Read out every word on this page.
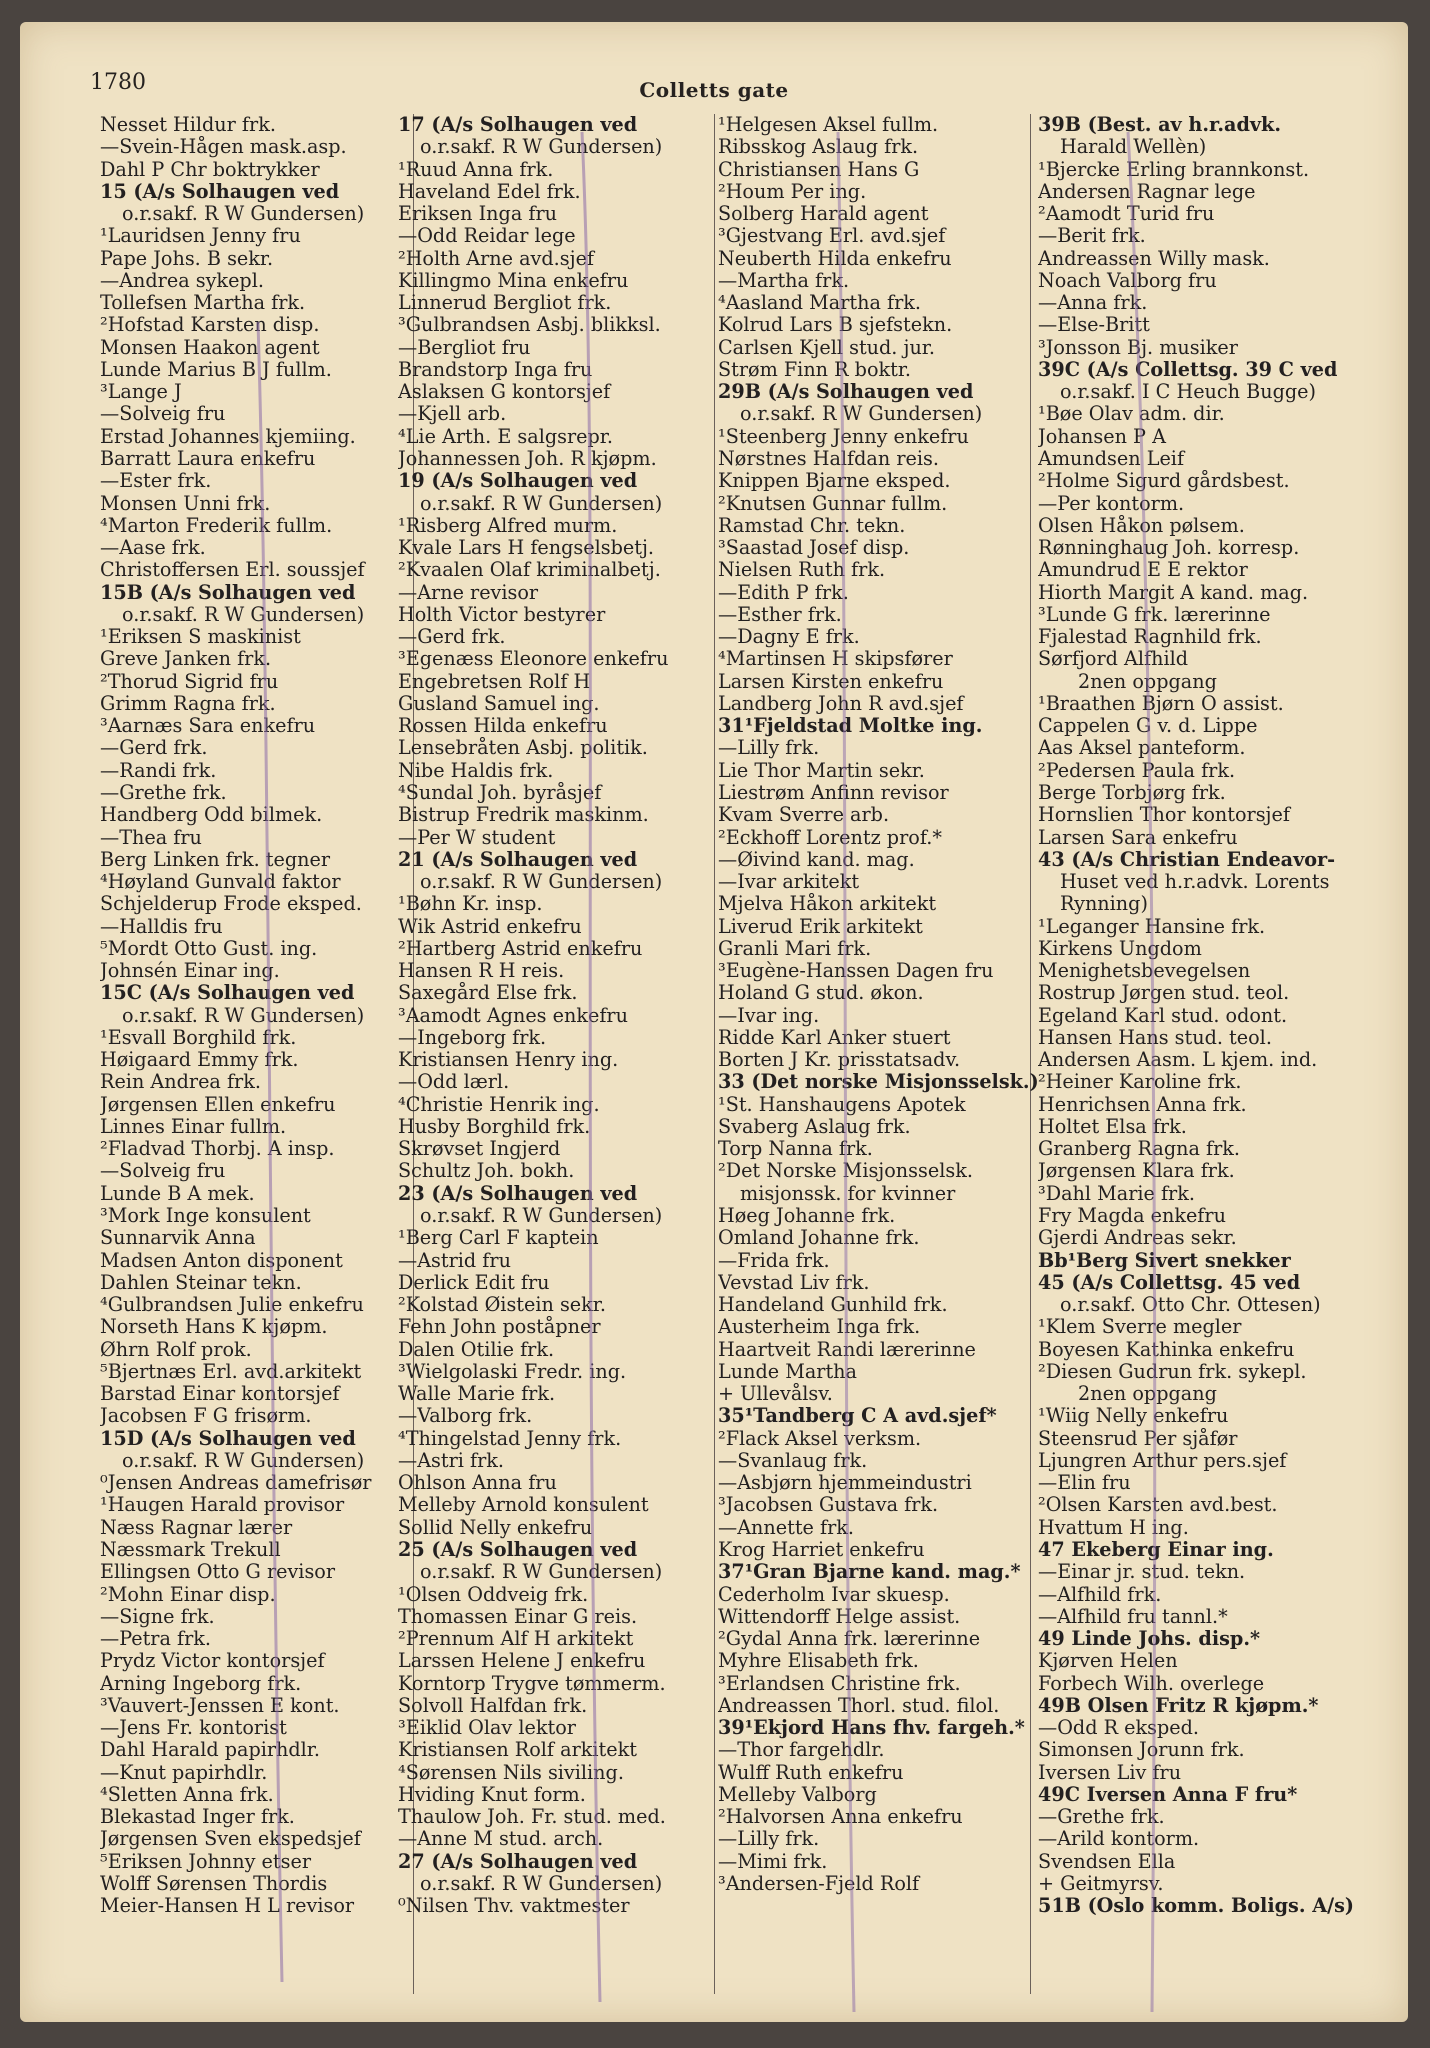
1780	Colletts gate
Nesset Hildur frk.
—Svein-Hågen mask.asp.
Dahl P Chr boktrykker
15 (A/s Solhaugen ved
o.r.sakf. R W Gundersen)
¹Lauridsen Jenny fru
Pape Johs. B sekr.
—Andrea sykepl.
Tollefsen Martha frk.
²Hofstad Karsten disp.
Monsen Haakon agent
Lunde Marius B J fullm.
³Lange J
—Solveig fru
Erstad Johannes kjemiing.
Barratt Laura enkefru
—Ester frk.
Monsen Unni frk.
⁴Marton Frederik fullm.
—Aase frk.
Christoffersen Erl. soussjef
15B (A/s Solhaugen ved
o.r.sakf. R W Gundersen)
¹Eriksen S maskinist
Greve Janken frk.
²Thorud Sigrid fru
Grimm Ragna frk.
³Aarnæs Sara enkefru
—Gerd frk.
—Randi frk.
—Grethe frk.
Handberg Odd bilmek.
—Thea fru
Berg Linken frk. tegner
⁴Høyland Gunvald faktor
Schjelderup Frode eksped.
—Halldis fru
⁵Mordt Otto Gust. ing.
Johnsén Einar ing.
15C (A/s Solhaugen ved
o.r.sakf. R W Gundersen)
¹Esvall Borghild frk.
Høigaard Emmy frk.
Rein Andrea frk.
Jørgensen Ellen enkefru
Linnes Einar fullm.
²Fladvad Thorbj. A insp.
—Solveig fru
Lunde B A mek.
³Mork Inge konsulent
Sunnarvik Anna
Madsen Anton disponent
Dahlen Steinar tekn.
⁴Gulbrandsen Julie enkefru
Norseth Hans K kjøpm.
Øhrn Rolf prok.
⁵Bjertnæs Erl. avd.arkitekt
Barstad Einar kontorsjef
Jacobsen F G frisørm.
15D (A/s Solhaugen ved
o.r.sakf. R W Gundersen)
⁰Jensen Andreas damefrisør
¹Haugen Harald provisor
Næss Ragnar lærer
Næssmark Trekull
Ellingsen Otto G revisor
²Mohn Einar disp.
—Signe frk.
—Petra frk.
Prydz Victor kontorsjef
Arning Ingeborg frk.
³Vauvert-Jenssen E kont.
—Jens Fr. kontorist
Dahl Harald papirhdlr.
—Knut papirhdlr.
⁴Sletten Anna frk.
Blekastad Inger frk.
Jørgensen Sven ekspedsjef
⁵Eriksen Johnny etser
Wolff Sørensen Thordis
Meier-Hansen H L revisor
17 (A/s Solhaugen ved
o.r.sakf. R W Gundersen)
¹Ruud Anna frk.
Haveland Edel frk.
Eriksen Inga fru
—Odd Reidar lege
²Holth Arne avd.sjef
Killingmo Mina enkefru
Linnerud Bergliot frk.
³Gulbrandsen Asbj. blikksl.
—Bergliot fru
Brandstorp Inga fru
Aslaksen G kontorsjef
—Kjell arb.
⁴Lie Arth. E salgsrepr.
Johannessen Joh. R kjøpm.
19 (A/s Solhaugen ved
o.r.sakf. R W Gundersen)
¹Risberg Alfred murm.
Kvale Lars H fengselsbetj.
²Kvaalen Olaf kriminalbetj.
—Arne revisor
Holth Victor bestyrer
—Gerd frk.
³Egenæss Eleonore enkefru
Engebretsen Rolf H
Gusland Samuel ing.
Rossen Hilda enkefru
Lensebråten Asbj. politik.
Nibe Haldis frk.
⁴Sundal Joh. byråsjef
Bistrup Fredrik maskinm.
—Per W student
21 (A/s Solhaugen ved
o.r.sakf. R W Gundersen)
¹Bøhn Kr. insp.
Wik Astrid enkefru
²Hartberg Astrid enkefru
Hansen R H reis.
Saxegård Else frk.
³Aamodt Agnes enkefru
—Ingeborg frk.
Kristiansen Henry ing.
—Odd lærl.
⁴Christie Henrik ing.
Husby Borghild frk.
Skrøvset Ingjerd
Schultz Joh. bokh.
23 (A/s Solhaugen ved
o.r.sakf. R W Gundersen)
¹Berg Carl F kaptein
—Astrid fru
Derlick Edit fru
²Kolstad Øistein sekr.
Fehn John poståpner
Dalen Otilie frk.
³Wielgolaski Fredr. ing.
Walle Marie frk.
—Valborg frk.
⁴Thingelstad Jenny frk.
—Astri frk.
Ohlson Anna fru
Melleby Arnold konsulent
Sollid Nelly enkefru
25 (A/s Solhaugen ved
o.r.sakf. R W Gundersen)
¹Olsen Oddveig frk.
Thomassen Einar G reis.
²Prennum Alf H arkitekt
Larssen Helene J enkefru
Korntorp Trygve tømmerm.
Solvoll Halfdan frk.
³Eiklid Olav lektor
Kristiansen Rolf arkitekt
⁴Sørensen Nils siviling.
Hviding Knut form.
Thaulow Joh. Fr. stud. med.
—Anne M stud. arch.
27 (A/s Solhaugen ved
o.r.sakf. R W Gundersen)
⁰Nilsen Thv. vaktmester
¹Helgesen Aksel fullm.
Ribsskog Aslaug frk.
Christiansen Hans G
²Houm Per ing.
Solberg Harald agent
³Gjestvang Erl. avd.sjef
Neuberth Hilda enkefru
—Martha frk.
⁴Aasland Martha frk.
Kolrud Lars B sjefstekn.
Carlsen Kjell stud. jur.
Strøm Finn R boktr.
29B (A/s Solhaugen ved
o.r.sakf. R W Gundersen)
¹Steenberg Jenny enkefru
Nørstnes Halfdan reis.
Knippen Bjarne eksped.
²Knutsen Gunnar fullm.
Ramstad Chr. tekn.
³Saastad Josef disp.
Nielsen Ruth frk.
—Edith P frk.
—Esther frk.
—Dagny E frk.
⁴Martinsen H skipsfører
Larsen Kirsten enkefru
Landberg John R avd.sjef
31¹Fjeldstad Moltke ing.
—Lilly frk.
Lie Thor Martin sekr.
Liestrøm Anfinn revisor
Kvam Sverre arb.
²Eckhoff Lorentz prof.*
—Øivind kand. mag.
—Ivar arkitekt
Mjelva Håkon arkitekt
Liverud Erik arkitekt
Granli Mari frk.
³Eugène-Hanssen Dagen fru
Holand G stud. økon.
—Ivar ing.
Ridde Karl Anker stuert
Borten J Kr. prisstatsadv.
33 (Det norske Misjonsselsk.)
¹St. Hanshaugens Apotek
Svaberg Aslaug frk.
Torp Nanna frk.
²Det Norske Misjonsselsk.
misjonssk. for kvinner
Høeg Johanne frk.
Omland Johanne frk.
—Frida frk.
Vevstad Liv frk.
Handeland Gunhild frk.
Austerheim Inga frk.
Haartveit Randi lærerinne
Lunde Martha
+ Ullevålsv.
35¹Tandberg C A avd.sjef*
²Flack Aksel verksm.
—Svanlaug frk.
—Asbjørn hjemmeindustri
³Jacobsen Gustava frk.
—Annette frk.
Krog Harriet enkefru
37¹Gran Bjarne kand. mag.*
Cederholm Ivar skuesp.
Wittendorff Helge assist.
²Gydal Anna frk. lærerinne
Myhre Elisabeth frk.
³Erlandsen Christine frk.
Andreassen Thorl. stud. filol.
39¹Ekjord Hans fhv. fargeh.*
—Thor fargehdlr.
Wulff Ruth enkefru
Melleby Valborg
²Halvorsen Anna enkefru
—Lilly frk.
—Mimi frk.
³Andersen-Fjeld Rolf
39B (Best. av h.r.advk.
Harald Wellèn)
¹Bjercke Erling brannkonst.
Andersen Ragnar lege
²Aamodt Turid fru
—Berit frk.
Andreassen Willy mask.
Noach Valborg fru
—Anna frk.
—Else-Britt
³Jonsson Bj. musiker
39C (A/s Collettsg. 39 C ved
o.r.sakf. I C Heuch Bugge)
¹Bøe Olav adm. dir.
Johansen P A
Amundsen Leif
²Holme Sigurd gårdsbest.
—Per kontorm.
Olsen Håkon pølsem.
Rønninghaug Joh. korresp.
Amundrud E E rektor
Hiorth Margit A kand. mag.
³Lunde G frk. lærerinne
Fjalestad Ragnhild frk.
Sørfjord Alfhild
2nen oppgang
¹Braathen Bjørn O assist.
Cappelen G v. d. Lippe
Aas Aksel panteform.
²Pedersen Paula frk.
Berge Torbjørg frk.
Hornslien Thor kontorsjef
Larsen Sara enkefru
43 (A/s Christian Endeavor-
Huset ved h.r.advk. Lorents
Rynning)
¹Leganger Hansine frk.
Kirkens Ungdom
Menighetsbevegelsen
Rostrup Jørgen stud. teol.
Egeland Karl stud. odont.
Hansen Hans stud. teol.
Andersen Aasm. L kjem. ind.
²Heiner Karoline frk.
Henrichsen Anna frk.
Holtet Elsa frk.
Granberg Ragna frk.
Jørgensen Klara frk.
³Dahl Marie frk.
Fry Magda enkefru
Gjerdi Andreas sekr.
Bb¹Berg Sivert snekker
45 (A/s Collettsg. 45 ved
o.r.sakf. Otto Chr. Ottesen)
¹Klem Sverre megler
Boyesen Kathinka enkefru
²Diesen Gudrun frk. sykepl.
2nen oppgang
¹Wiig Nelly enkefru
Steensrud Per sjåfør
Ljungren Arthur pers.sjef
—Elin fru
²Olsen Karsten avd.best.
Hvattum H ing.
47 Ekeberg Einar ing.
—Einar jr. stud. tekn.
—Alfhild frk.
—Alfhild fru tannl.*
49 Linde Johs. disp.*
Kjørven Helen
Forbech Wilh. overlege
49B Olsen Fritz R kjøpm.*
—Odd R eksped.
Simonsen Jorunn frk.
Iversen Liv fru
49C Iversen Anna F fru*
—Grethe frk.
—Arild kontorm.
Svendsen Ella
+ Geitmyrsv.
51B (Oslo komm. Boligs. A/s)
